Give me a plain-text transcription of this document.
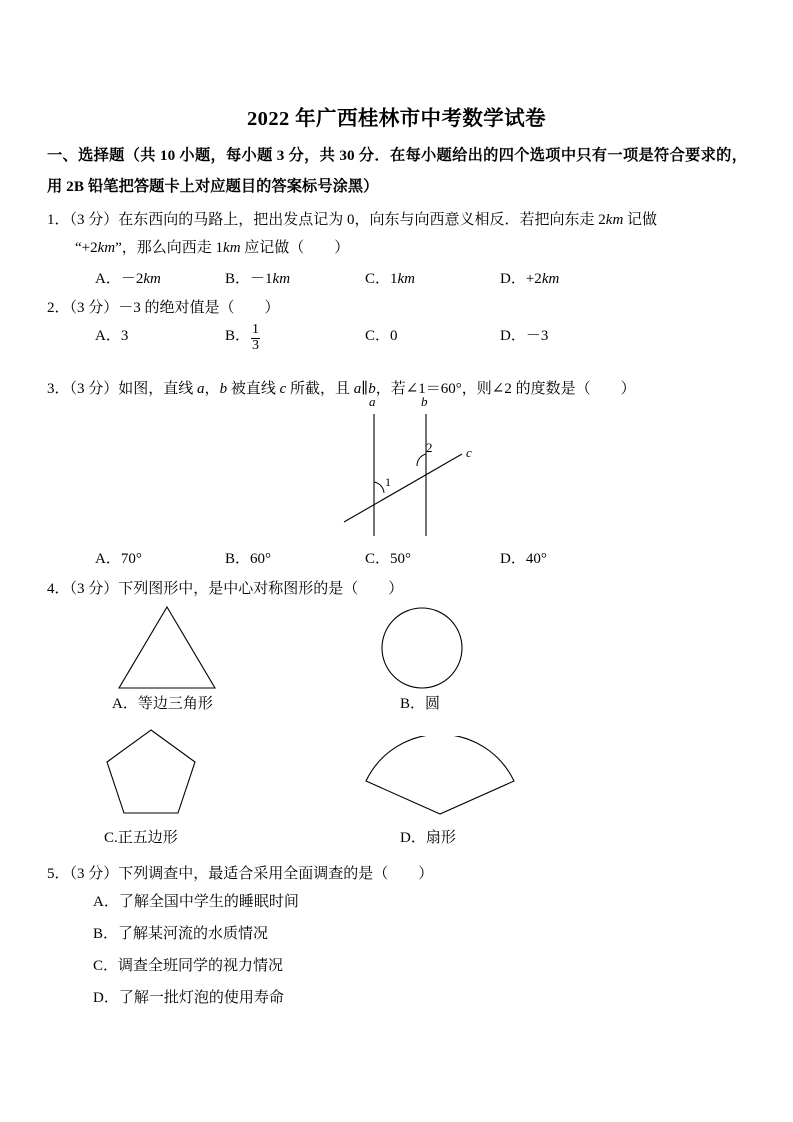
2022 年广西桂林市中考数学试卷
一、选择题（共 10 小题，每小题 3 分，共 30 分．在每小题给出的四个选项中只有一项是符合要求的，用 2B 铅笔把答题卡上对应题目的答案标号涂黑）
1．（3 分）在东西向的马路上，把出发点记为 0，向东与向西意义相反．若把向东走 2km 记做
“+2km”，那么向西走 1km 应记做（　　）
A．－2km	B．－1km	C．1km	D．+2km
2．（3 分）－3 的绝对值是（　　）
A．3	B． $\frac{1}{3}$	C．0	D．－3
3．（3 分）如图，直线 a，b 被直线 c 所截，且 a∥b，若∠1＝60°，则∠2 的度数是（　　）
a	b
c
1
2
A．70°	B．60°	C．50°	D．40°
4．（3 分）下列图形中，是中心对称图形的是（　　）
A．等边三角形	B．圆
C.正五边形	D．扇形
5．（3 分）下列调查中，最适合采用全面调查的是（　　）
A．了解全国中学生的睡眠时间
B．了解某河流的水质情况
C．调查全班同学的视力情况
D．了解一批灯泡的使用寿命
